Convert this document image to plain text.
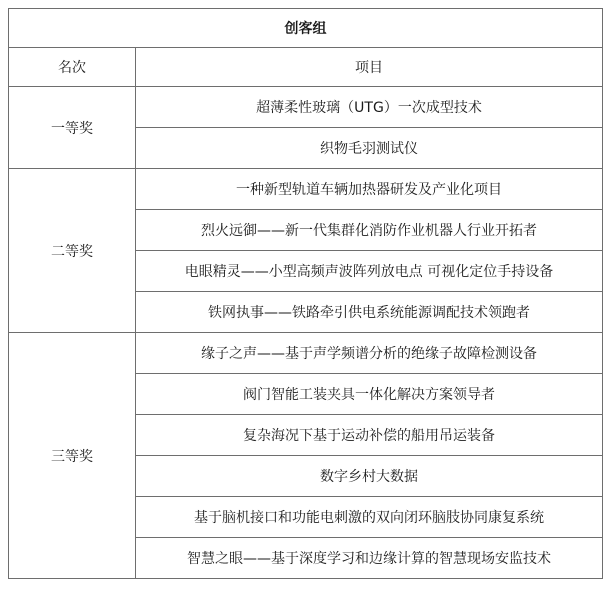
创客组	
名次	项目
一等奖	超薄柔性玻璃（UTG）一次成型技术
	织物毛羽测试仪
二等奖	一种新型轨道车辆加热器研发及产业化项目
	烈火远御——新一代集群化消防作业机器人行业开拓者
	电眼精灵——小型高频声波阵列放电点 可视化定位手持设备
	铁网执事——铁路牵引供电系统能源调配技术领跑者
三等奖	缘子之声——基于声学频谱分析的绝缘子故障检测设备
	阀门智能工装夹具一体化解决方案领导者
	复杂海况下基于运动补偿的船用吊运装备
	数字乡村大数据
	基于脑机接口和功能电刺激的双向闭环脑肢协同康复系统
	智慧之眼——基于深度学习和边缘计算的智慧现场安监技术
